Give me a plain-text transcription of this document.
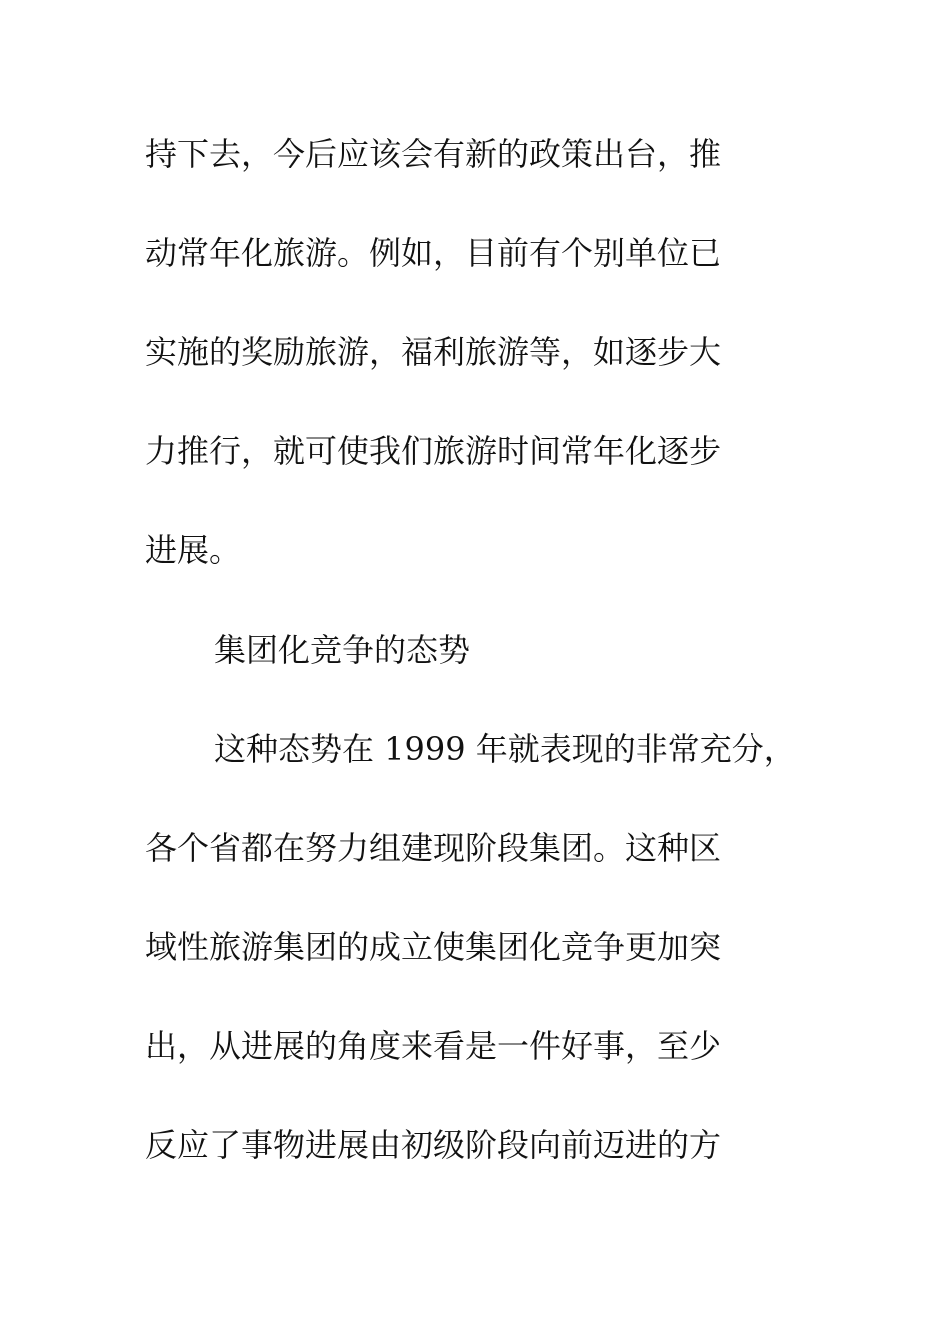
持下去，今后应该会有新的政策出台，推
动常年化旅游。例如，目前有个别单位已
实施的奖励旅游，福利旅游等，如逐步大
力推行，就可使我们旅游时间常年化逐步
进展。
集团化竞争的态势
这种态势在 1999 年就表现的非常充分，
各个省都在努力组建现阶段集团。这种区
域性旅游集团的成立使集团化竞争更加突
出，从进展的角度来看是一件好事，至少
反应了事物进展由初级阶段向前迈进的方
